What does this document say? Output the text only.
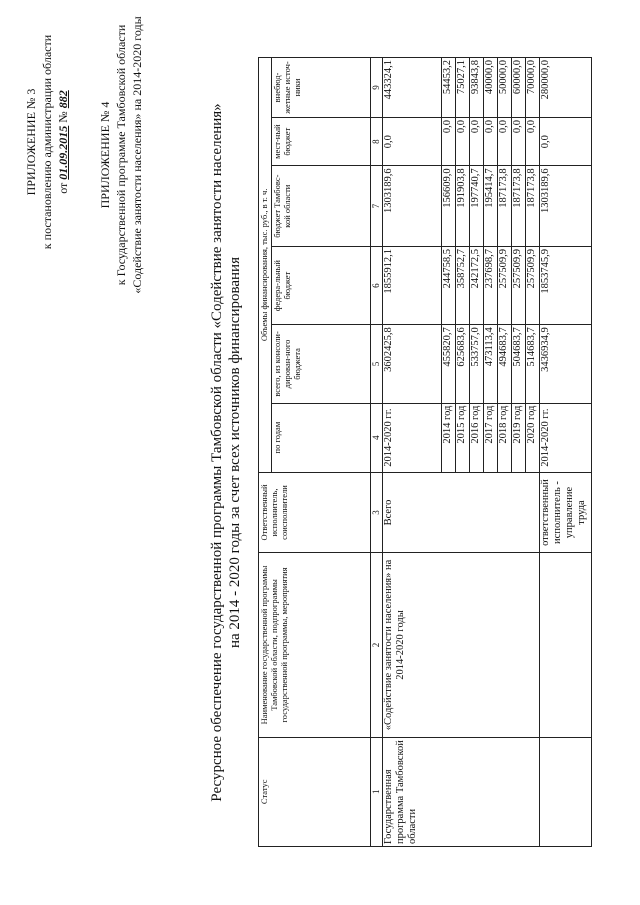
ПРИЛОЖЕНИЕ № 3 к постановлению администрации области от 01.09.2015 № 882
ПРИЛОЖЕНИЕ № 4 к Государственной программе Тамбовской области «Содействие занятости населения» на 2014-2020 годы	Ресурсное обеспечение государственной программы Тамбовской области «Содействие занятости населения» на 2014 - 2020 годы за счет всех источников финансирования
Статус	Наименование государственной программы Тамбовской области, подпрограммы государственной программы, мероприятия	Ответственный исполнитель, соисполнители	Объемы финансирования, тыс. руб., в т. ч.					
			по годам	всего, из консоли-дирован-ного бюджета	федера-льный бюджет	бюджет Тамбовс-кой области	мест-ный бюджет	внебюд-жетные источ-ники
1	2	3	4	5	6	7	8	9
Государственная программа Тамбовской области	«Содействие занятости населения» на 2014-2020 годы	Всего	2014-2020 гг.	3602425,8	1855912,1	1303189,6	0,0	443324,1
			2014 год	455820,7	244758,5	156609,0	0,0	54453,2
			2015 год	625683,6	358752,7	191903,8	0,0	75027,1
			2016 год	533757,0	242172,5	197740,7	0,0	93843,8
			2017 год	473113,4	237698,7	195414,7	0,0	40000,0
			2018 год	494683,7	257509,9	187173,8	0,0	50000,0
			2019 год	504683,7	257509,9	187173,8	0,0	60000,0
			2020 год	514683,7	257509,9	187173,8	0,0	70000,0
		ответственный исполнитель - управление труда	2014-2020 гг.	3436934,9	1853745,9	1303189,6	0,0	280000,0
